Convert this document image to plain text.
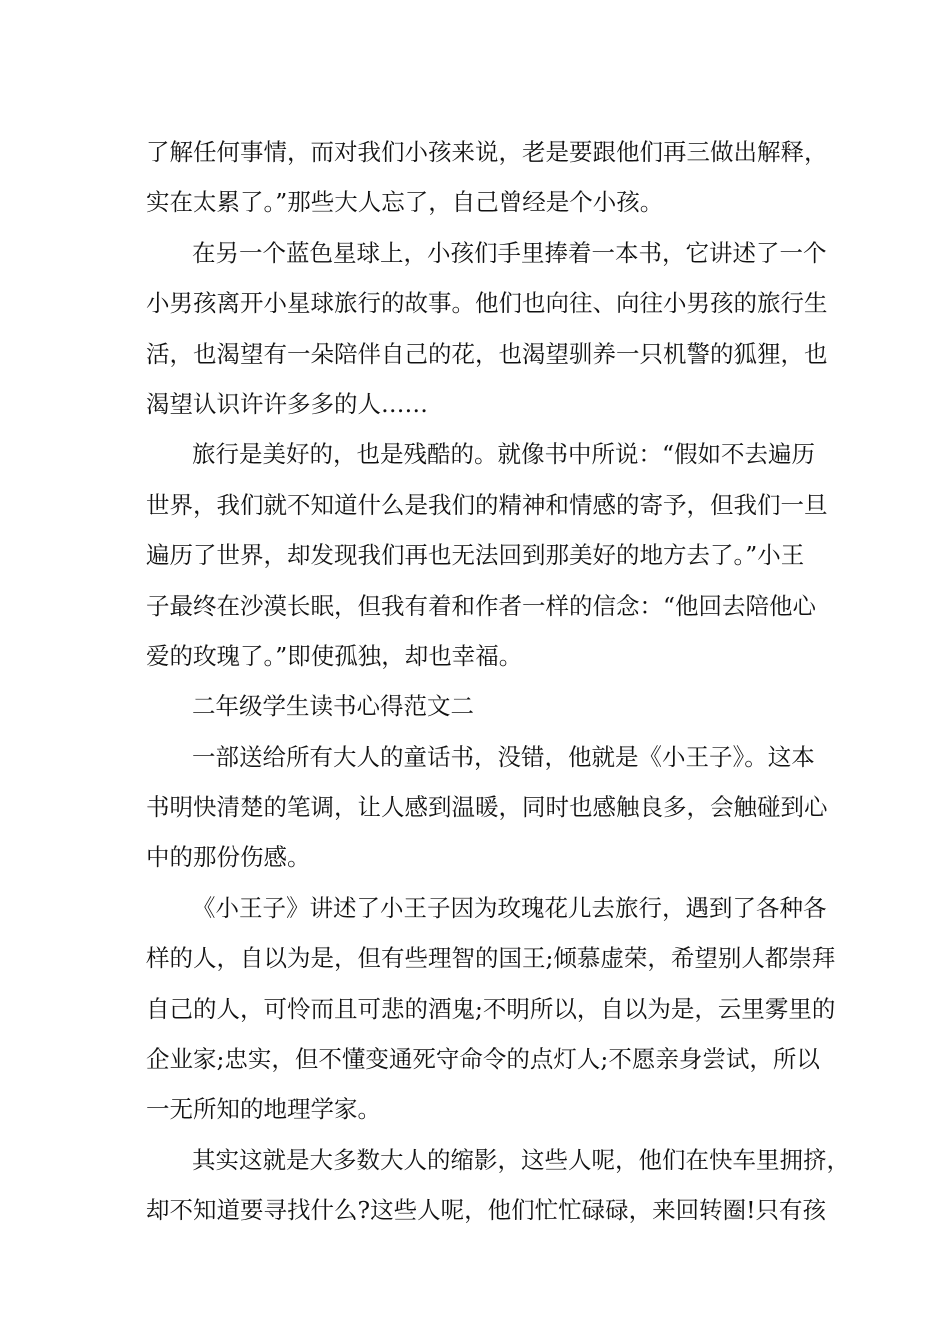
了解任何事情，而对我们小孩来说，老是要跟他们再三做出解释，
实在太累了。”那些大人忘了，自己曾经是个小孩。
在另一个蓝色星球上，小孩们手里捧着一本书，它讲述了一个
小男孩离开小星球旅行的故事。他们也向往、向往小男孩的旅行生
活，也渴望有一朵陪伴自己的花，也渴望驯养一只机警的狐狸，也
渴望认识许许多多的人……
旅行是美好的，也是残酷的。就像书中所说：“假如不去遍历
世界，我们就不知道什么是我们的精神和情感的寄予，但我们一旦
遍历了世界，却发现我们再也无法回到那美好的地方去了。”小王
子最终在沙漠长眠，但我有着和作者一样的信念：“他回去陪他心
爱的玫瑰了。”即使孤独，却也幸福。
二年级学生读书心得范文二
一部送给所有大人的童话书，没错，他就是《小王子》。这本
书明快清楚的笔调，让人感到温暖，同时也感触良多，会触碰到心
中的那份伤感。
《小王子》讲述了小王子因为玫瑰花儿去旅行，遇到了各种各
样的人，自以为是，但有些理智的国王;倾慕虚荣，希望别人都崇拜
自己的人，可怜而且可悲的酒鬼;不明所以，自以为是，云里雾里的
企业家;忠实，但不懂变通死守命令的点灯人;不愿亲身尝试，所以
一无所知的地理学家。
其实这就是大多数大人的缩影，这些人呢，他们在快车里拥挤，
却不知道要寻找什么?这些人呢，他们忙忙碌碌，来回转圈!只有孩
